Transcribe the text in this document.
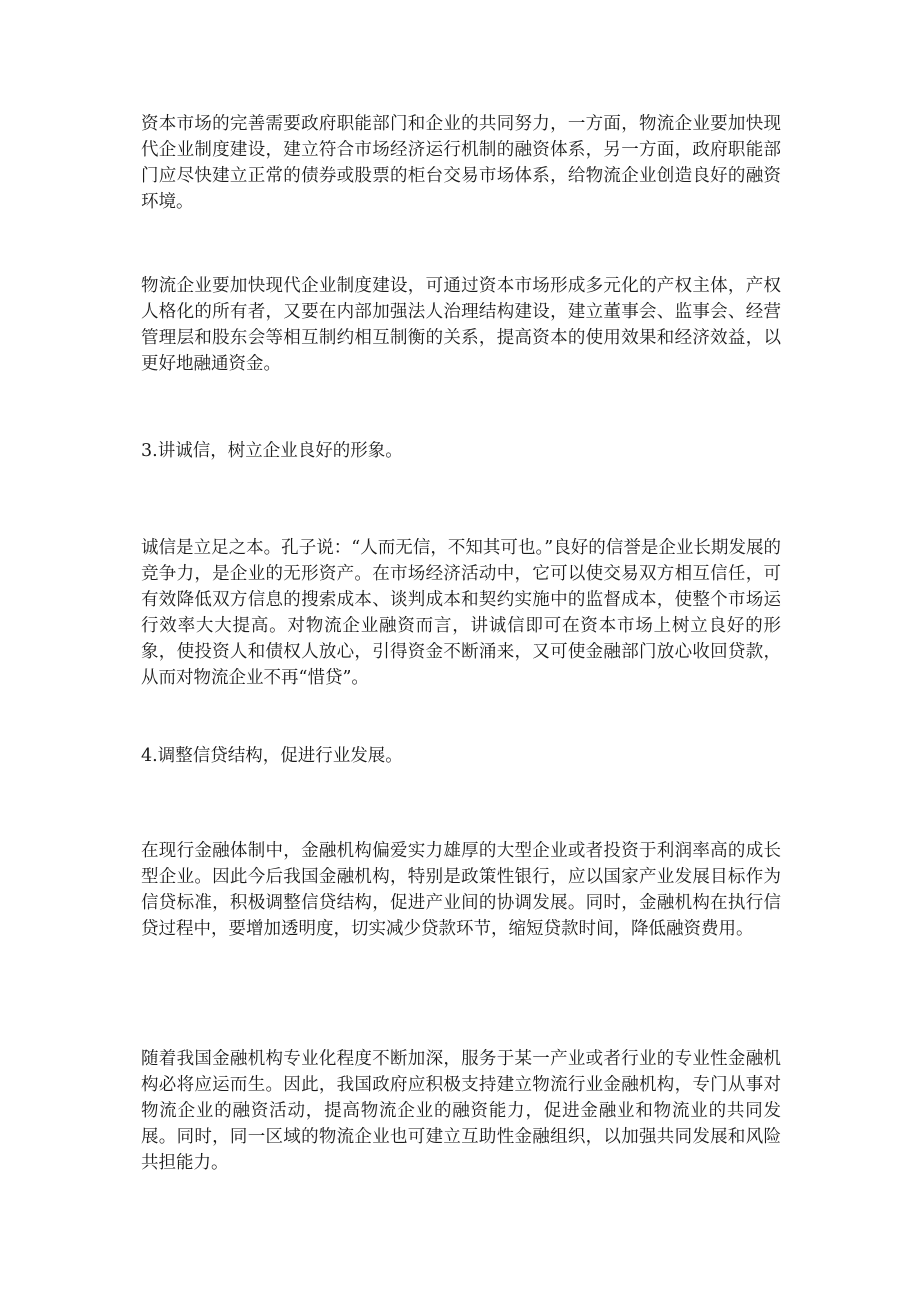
资本市场的完善需要政府职能部门和企业的共同努力，一方面，物流企业要加快现代企业制度建设，建立符合市场经济运行机制的融资体系，另一方面，政府职能部门应尽快建立正常的债券或股票的柜台交易市场体系，给物流企业创造良好的融资环境。

物流企业要加快现代企业制度建设，可通过资本市场形成多元化的产权主体，产权人格化的所有者，又要在内部加强法人治理结构建设，建立董事会、监事会、经营管理层和股东会等相互制约相互制衡的关系，提高资本的使用效果和经济效益，以更好地融通资金。

3.讲诚信，树立企业良好的形象。

诚信是立足之本。孔子说：“人而无信，不知其可也。”良好的信誉是企业长期发展的竞争力，是企业的无形资产。在市场经济活动中，它可以使交易双方相互信任，可有效降低双方信息的搜索成本、谈判成本和契约实施中的监督成本，使整个市场运行效率大大提高。对物流企业融资而言，讲诚信即可在资本市场上树立良好的形象，使投资人和债权人放心，引得资金不断涌来，又可使金融部门放心收回贷款，从而对物流企业不再“惜贷”。

4.调整信贷结构，促进行业发展。

在现行金融体制中，金融机构偏爱实力雄厚的大型企业或者投资于利润率高的成长型企业。因此今后我国金融机构，特别是政策性银行，应以国家产业发展目标作为信贷标准，积极调整信贷结构，促进产业间的协调发展。同时，金融机构在执行信贷过程中，要增加透明度，切实减少贷款环节，缩短贷款时间，降低融资费用。

随着我国金融机构专业化程度不断加深，服务于某一产业或者行业的专业性金融机构必将应运而生。因此，我国政府应积极支持建立物流行业金融机构，专门从事对物流企业的融资活动，提高物流企业的融资能力，促进金融业和物流业的共同发展。同时，同一区域的物流企业也可建立互助性金融组织，以加强共同发展和风险共担能力。
